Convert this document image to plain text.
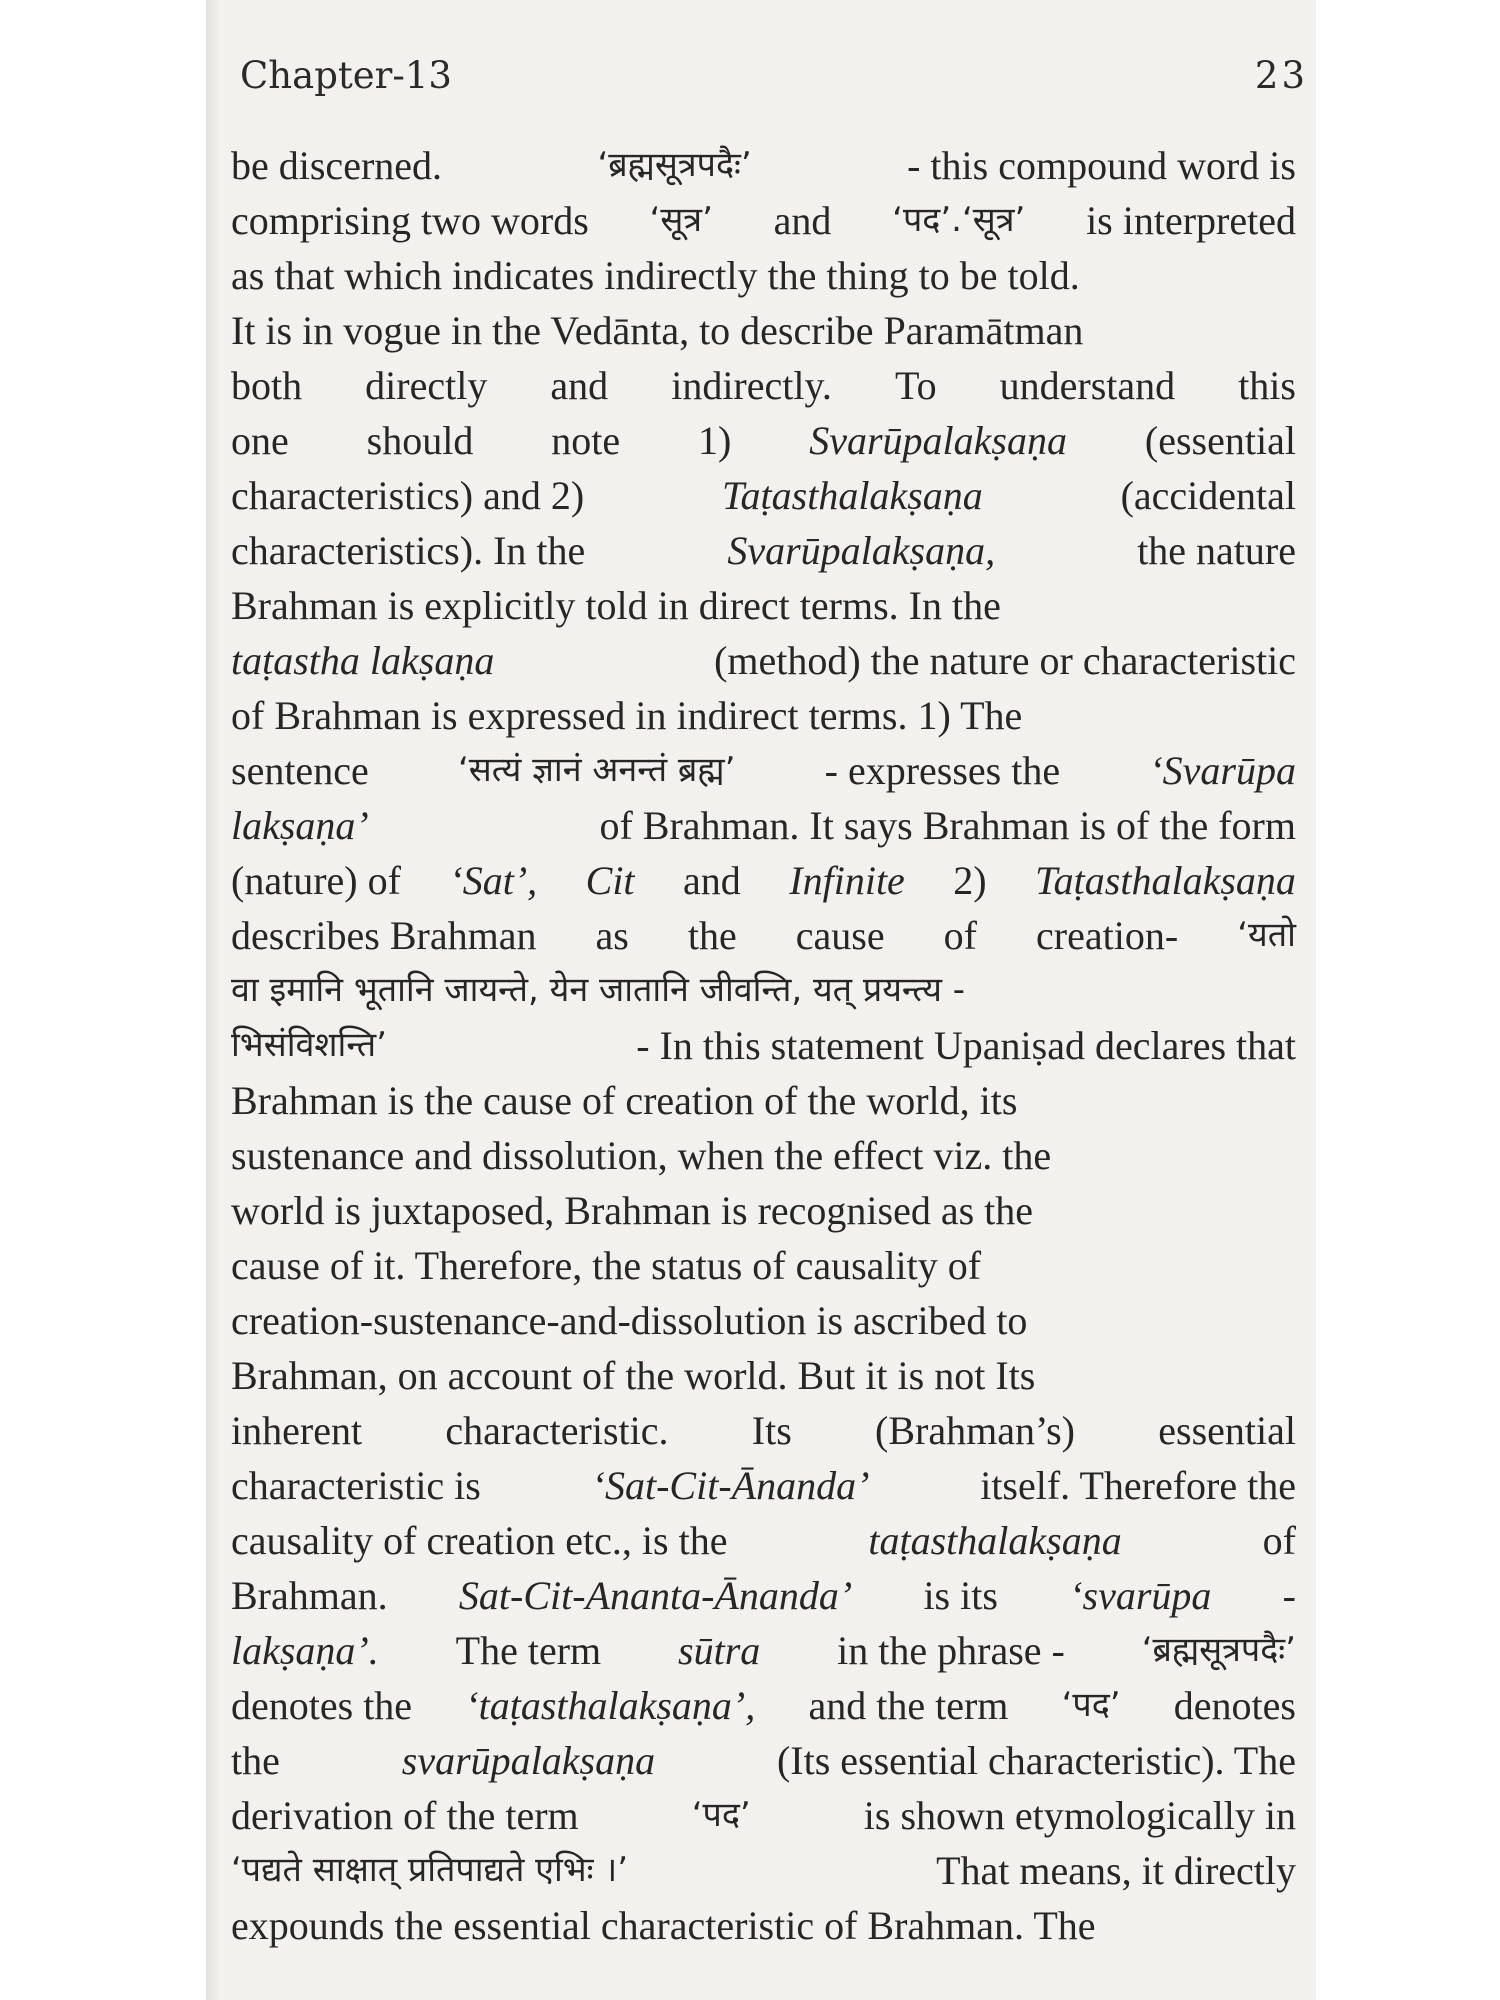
Chapter-13	23
be discerned.	‘ब्रह्मसूत्रपदैः’	- this compound word is
comprising two words ‘सूत्र’ and ‘पद’.‘सूत्र’ is interpreted
as that which indicates indirectly the thing to be told.
It is in vogue in the Vedānta, to describe Paramātman
both directly and indirectly. To understand this
one should note 1) Svarūpalakṣaṇa (essential
characteristics) and 2)	Taṭasthalakṣaṇa	(accidental
characteristics). In the	Svarūpalakṣaṇa,	the nature
Brahman is explicitly told in direct terms. In the
taṭastha lakṣaṇa	(method) the nature or characteristic
of Brahman is expressed in indirect terms. 1) The
sentence	‘सत्यं ज्ञानं अनन्तं ब्रह्म’ - expresses the ‘Svarūpa
lakṣaṇa’	of Brahman. It says Brahman is of the form
(nature) of ‘Sat’, Cit and Infinite 2) Taṭasthalakṣaṇa
describes Brahman as the cause of creation- ‘यतो
वा इमानि भूतानि जायन्ते, येन जातानि जीवन्ति, यत् प्रयन्त्य -
भिसंविशन्ति’	- In this statement Upaniṣad declares that
Brahman is the cause of creation of the world, its
sustenance and dissolution, when the effect viz. the
world is juxtaposed, Brahman is recognised as the
cause of it. Therefore, the status of causality of
creation-sustenance-and-dissolution is ascribed to
Brahman, on account of the world. But it is not Its
inherent characteristic. Its (Brahman’s) essential
characteristic is	‘Sat-Cit-Ānanda’	itself. Therefore the
causality of creation etc., is the	taṭasthalakṣaṇa	of
Brahman. Sat-Cit-Ananta-Ānanda’ is its ‘svarūpa -
lakṣaṇa’. The term sūtra in the phrase - ‘ब्रह्मसूत्रपदैः’
denotes the ‘taṭasthalakṣaṇa’, and the term ‘पद’ denotes
the	svarūpalakṣaṇa	(Its essential characteristic). The
derivation of the term	‘पद’	is shown etymologically in
‘पद्यते साक्षात् प्रतिपाद्यते एभिः ।’	That means, it directly
expounds the essential characteristic of Brahman. The
